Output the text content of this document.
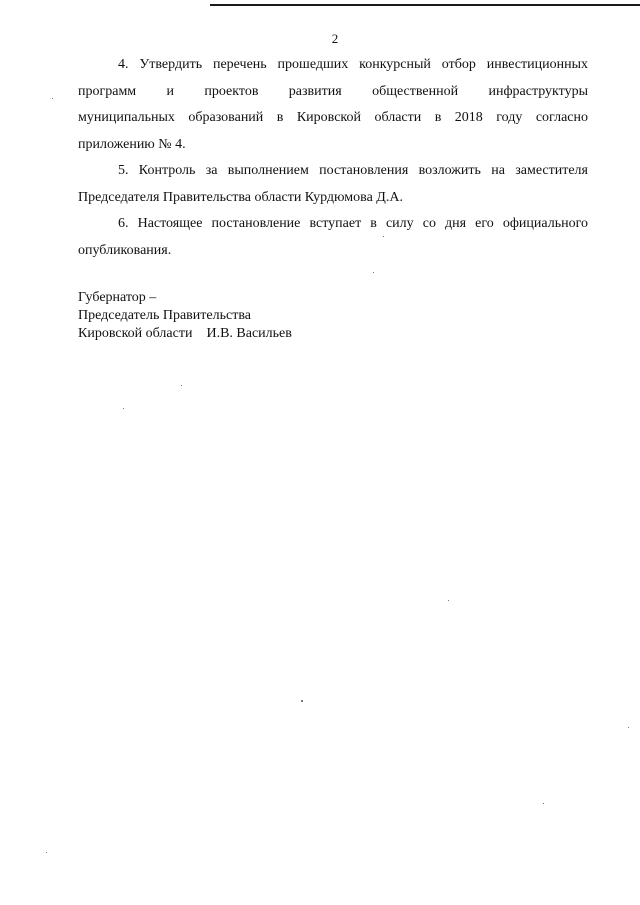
2

4. Утвердить перечень прошедших конкурсный отбор инвестиционных программ и проектов развития общественной инфраструктуры

муниципальных образований в Кировской области в 2018 году согласно приложению № 4.

5. Контроль за выполнением постановления возложить на заместителя Председателя Правительства области Курдюмова Д.А.

6. Настоящее постановление вступает в силу со дня его официального опубликования.

Губернатор –
Председатель Правительства
Кировской области И.В. Васильев
